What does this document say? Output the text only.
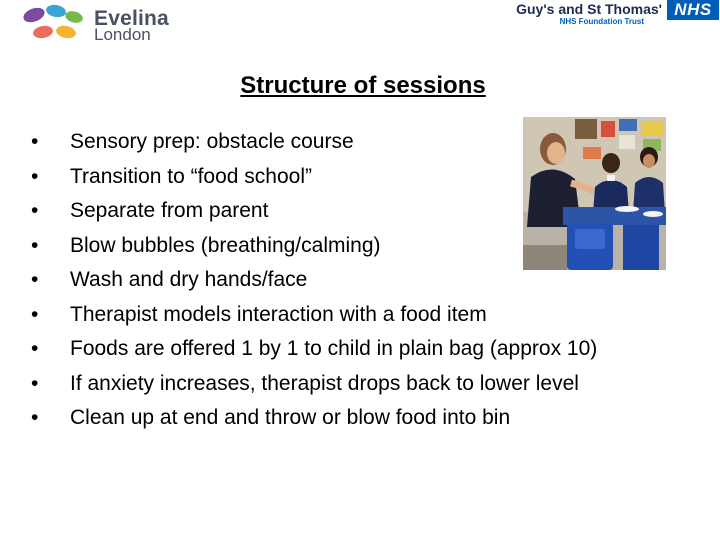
Evelina
London
Guy's and St Thomas'
NHS Foundation Trust
NHS
Structure of sessions
• Sensory prep: obstacle course
• Transition to “food school”
• Separate from parent
• Blow bubbles (breathing/calming)
• Wash and dry hands/face
• Therapist models interaction with a food item
• Foods are offered 1 by 1 to child in plain bag (approx 10)
• If anxiety increases, therapist drops back to lower level
• Clean up at end and throw or blow food into bin
